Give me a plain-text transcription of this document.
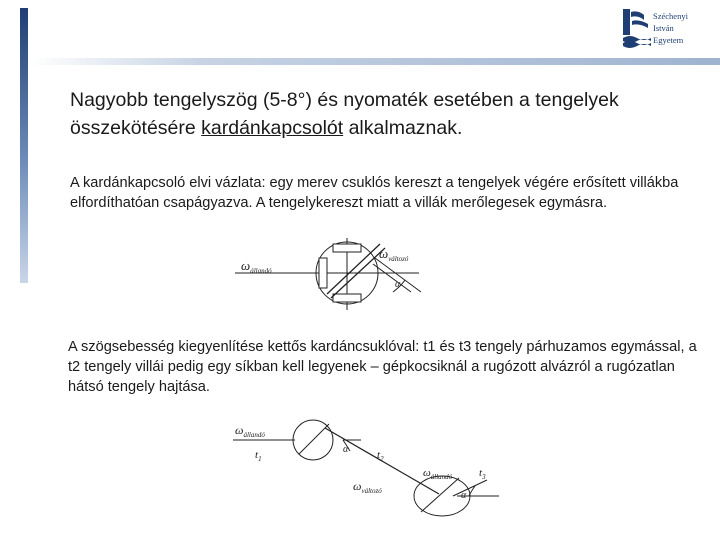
Széchenyi
István
Egyetem
Nagyobb tengelyszög (5-8°) és nyomaték esetében a tengelyek összekötésére kardánkapcsolót alkalmaznak.
A kardánkapcsoló elvi vázlata: egy merev csuklós kereszt a tengelyek végére erősített villákba elfordíthatóan csapágyazva. A tengelykereszt miatt a villák merőlegesek egymásra.
$\omega_{állandó}$
$\omega_{változó}$
α
A szögsebesség kiegyenlítése kettős kardáncsuklóval: t1 és t3 tengely párhuzamos egymással, a t2 tengely villái pedig egy síkban kell legyenek – gépkocsiknál a rugózott alvázról a rugózatlan hátsó tengely hajtása.
$\omega_{állandó}$
$t_1$
α	$t_2$
$\omega_{állandó}$ $t_3$
$\omega_{változó}$	α
